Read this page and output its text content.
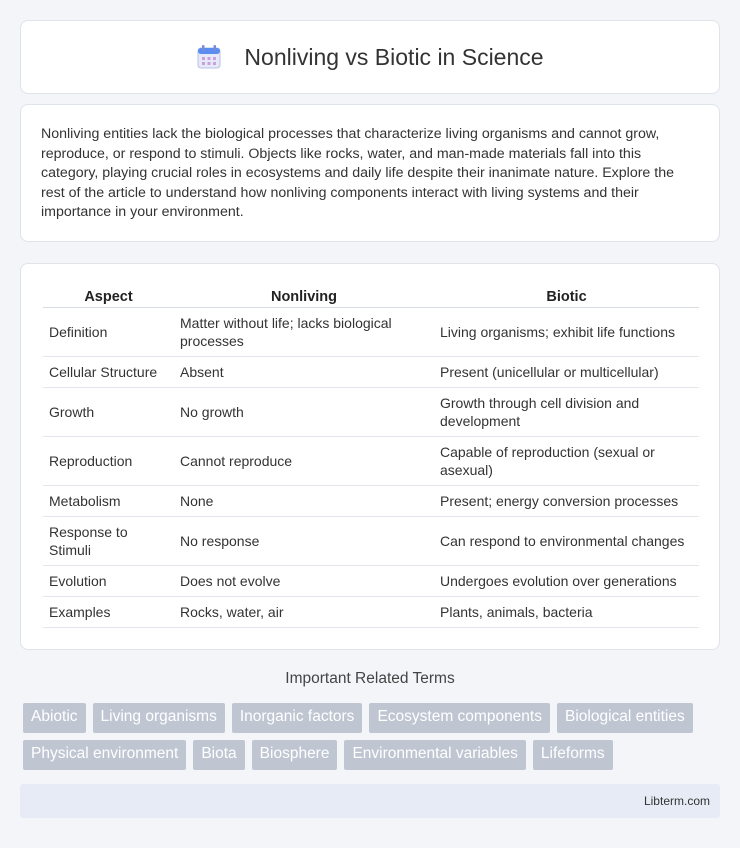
Nonliving vs Biotic in Science

Nonliving entities lack the biological processes that characterize living organisms and cannot grow, reproduce, or respond to stimuli. Objects like rocks, water, and man-made materials fall into this category, playing crucial roles in ecosystems and daily life despite their inanimate nature. Explore the rest of the article to understand how nonliving components interact with living systems and their importance in your environment.

Aspect	Nonliving	Biotic
Definition	Matter without life; lacks biological processes	Living organisms; exhibit life functions
Cellular Structure	Absent	Present (unicellular or multicellular)
Growth	No growth	Growth through cell division and development
Reproduction	Cannot reproduce	Capable of reproduction (sexual or asexual)
Metabolism	None	Present; energy conversion processes
Response to Stimuli	No response	Can respond to environmental changes
Evolution	Does not evolve	Undergoes evolution over generations
Examples	Rocks, water, air	Plants, animals, bacteria
Important Related Terms
Abiotic	Living organisms	Inorganic factors	Ecosystem components	Biological entities
Physical environment	Biota	Biosphere	Environmental variables	Lifeforms
Libterm.com
